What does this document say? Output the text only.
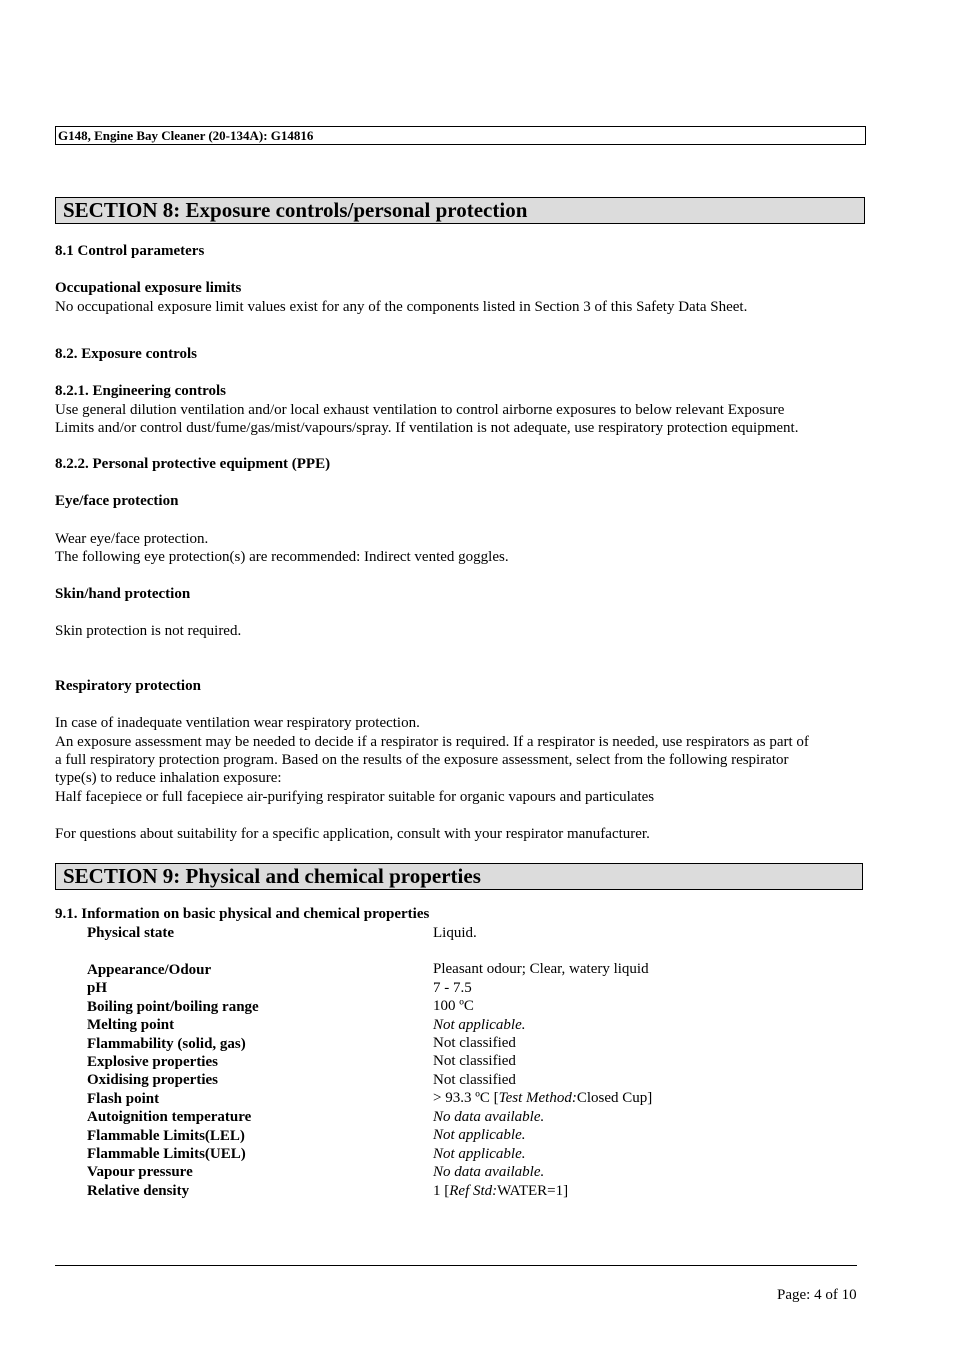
G148, Engine Bay Cleaner (20-134A): G14816
SECTION 8: Exposure controls/personal protection
8.1 Control parameters
Occupational exposure limits
No occupational exposure limit values exist for any of the components listed in Section 3 of this Safety Data Sheet.
8.2. Exposure controls
8.2.1. Engineering controls
Use general dilution ventilation and/or local exhaust ventilation to control airborne exposures to below relevant Exposure
Limits and/or control dust/fume/gas/mist/vapours/spray. If ventilation is not adequate, use respiratory protection equipment.
8.2.2. Personal protective equipment (PPE)
Eye/face protection
Wear eye/face protection.
The following eye protection(s) are recommended: Indirect vented goggles.
Skin/hand protection
Skin protection is not required.
Respiratory protection
In case of inadequate ventilation wear respiratory protection.
An exposure assessment may be needed to decide if a respirator is required. If a respirator is needed, use respirators as part of
a full respiratory protection program. Based on the results of the exposure assessment, select from the following respirator
type(s) to reduce inhalation exposure:
Half facepiece or full facepiece air-purifying respirator suitable for organic vapours and particulates
For questions about suitability for a specific application, consult with your respirator manufacturer.
SECTION 9: Physical and chemical properties
9.1. Information on basic physical and chemical properties
Physical state	Liquid.
Appearance/Odour	Pleasant odour; Clear, watery liquid
pH	7 - 7.5
Boiling point/boiling range	100 ºC
Melting point	Not applicable.
Flammability (solid, gas)	Not classified
Explosive properties	Not classified
Oxidising properties	Not classified
Flash point	> 93.3 ºC [Test Method:Closed Cup]
Autoignition temperature	No data available.
Flammable Limits(LEL)	Not applicable.
Flammable Limits(UEL)	Not applicable.
Vapour pressure	No data available.
Relative density	1 [Ref Std:WATER=1]
Page: 4 of 10
